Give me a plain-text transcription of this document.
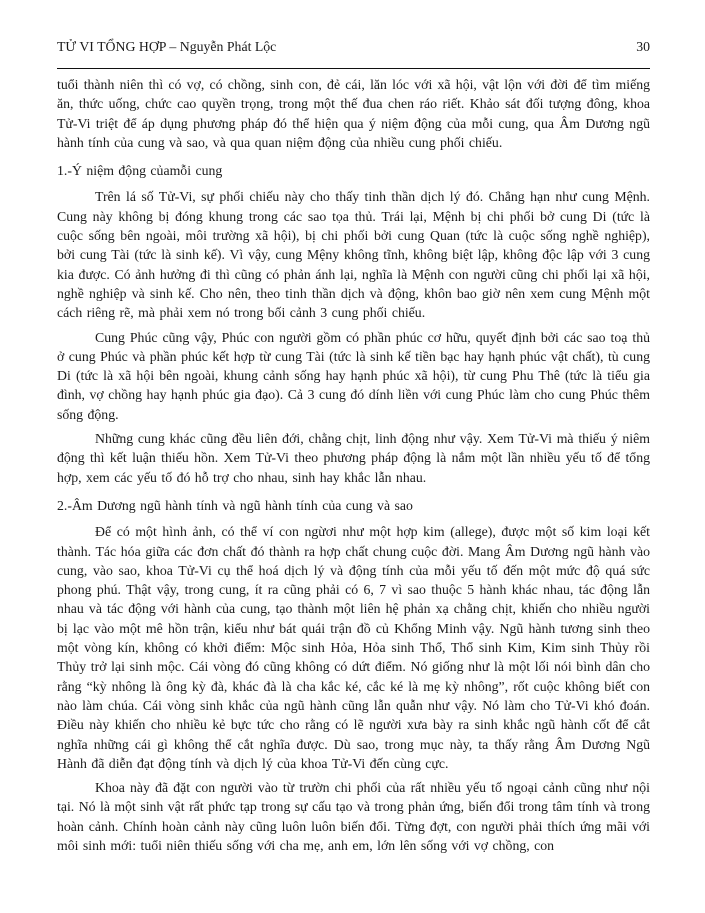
TỬ VI TỔNG HỢP – Nguyễn Phát Lộc	30

tuổi thành niên thì có vợ, có chồng, sinh con, đẻ cái, lăn lóc với xã hội, vật lộn với đời để tìm miếng ăn, thức uống, chức cao quyền trọng, trong một thế đua chen ráo riết. Khảo sát đối tượng đông, khoa Tử-Vi triệt để áp dụng phương pháp đó thể hiện qua ý niệm động của mỗi cung, qua Âm Dương ngũ hành tính của cung và sao, và qua quan niệm động của nhiều cung phối chiếu.

1.-Ý niệm động củamỗi cung

Trên lá số Tử-Vi, sự phối chiếu này cho thấy tinh thần dịch lý đó. Chẳng hạn như cung Mệnh. Cung này không bị đóng khung trong các sao tọa thủ. Trái lại, Mệnh bị chi phối bở cung Di (tức là cuộc sống bên ngoài, môi trường xã hội), bị chi phối bởi cung Quan (tức là cuộc sống nghề nghiệp), bởi cung Tài (tức là sinh kế). Vì vậy, cung Mệny không tĩnh, không biệt lập, không độc lập với 3 cung kia được. Có ảnh hưởng đi thì cũng có phản ánh lại, nghĩa là Mệnh con người cũng chi phối lại xã hội, nghề nghiệp và sinh kế. Cho nên, theo tinh thần dịch và động, khôn bao giờ nên xem cung Mệnh một cách riêng rẽ, mà phải xem nó trong bối cảnh 3 cung phối chiếu.

Cung Phúc cũng vậy, Phúc con người gồm có phần phúc cơ hữu, quyết định bởi các sao toạ thủ ở cung Phúc và phần phúc kết hợp từ cung Tài (tức là sinh kế tiền bạc hay hạnh phúc vật chất), tù cung Di (tức là xã hội bên ngoài, khung cảnh sống hay hạnh phúc xã hội), từ cung Phu Thê (tức là tiểu gia đình, vợ chồng hay hạnh phúc gia đạo). Cả 3 cung đó dính liền với cung Phúc làm cho cung Phúc thêm sống động.

Những cung khác cũng đều liên đới, chằng chịt, linh động như vậy. Xem Tử-Vi mà thiếu ý niêm động thì kết luận thiếu hồn. Xem Tử-Vi theo phương pháp động là nắm một lần nhiều yếu tố để tổng hợp, xem các yếu tố đó hỗ trợ cho nhau, sinh hay khắc lẫn nhau.

2.-Âm Dương ngũ hành tính và ngũ hành tính của cung và sao

Để có một hình ảnh, có thể ví con ngừơi như một hợp kim (allege), được một số kim loại kết thành. Tác hóa giữa các đơn chất đó thành ra hợp chất chung cuộc đời. Mang Âm Dương ngũ hành vào cung, vào sao, khoa Tử-Vi cụ thể hoá dịch lý và động tính của mỗi yếu tố đến một mức độ quá sức phong phú. Thật vậy, trong cung, ít ra cũng phải có 6, 7 vì sao thuộc 5 hành khác nhau, tác động lẫn nhau và tác động với hành của cung, tạo thành một liên hệ phản xạ chằng chịt, khiến cho nhiều người bị lạc vào một mê hồn trận, kiểu như bát quái trận đồ củ Khổng Minh vậy. Ngũ hành tương sinh theo một vòng kín, không có khởi điểm: Mộc sinh Hỏa, Hỏa sinh Thổ, Thổ sinh Kim, Kim sinh Thủy rồi Thủy trở lại sinh mộc. Cái vòng đó cũng không có dứt điểm. Nó giống như là một lối nói bình dân cho rằng “kỳ nhông là ông kỳ đà, khác đà là cha kắc ké, cắc ké là mẹ kỳ nhông”, rốt cuộc không biết con nào làm chúa. Cái vòng sinh khắc của ngũ hành cũng lẫn quẫn như vậy. Nó làm cho Tử-Vi khó đoán. Điều này khiến cho nhiều kẻ bực tức cho rằng có lẽ người xưa bày ra sinh khắc ngũ hành cốt để cắt nghĩa những cái gì không thể cắt nghĩa được. Dù sao, trong mục này, ta thấy rằng Âm Dương Ngũ Hành đã diễn đạt động tính và dịch lý của khoa Tử-Vi đến cùng cực.

Khoa này đã đặt con người vào từ trườn chi phối của rất nhiều yếu tố ngoại cảnh cũng như nội tại. Nó là một sinh vật rất phức tạp trong sự cấu tạo và trong phản ứng, biến đổi trong tâm tính và trong hoàn cảnh. Chính hoàn cảnh này cũng luôn luôn biến đổi. Từng đợt, con người phải thích ứng mãi với môi sinh mới: tuổi niên thiếu sống với cha mẹ, anh em, lớn lên sống với vợ chồng, con
